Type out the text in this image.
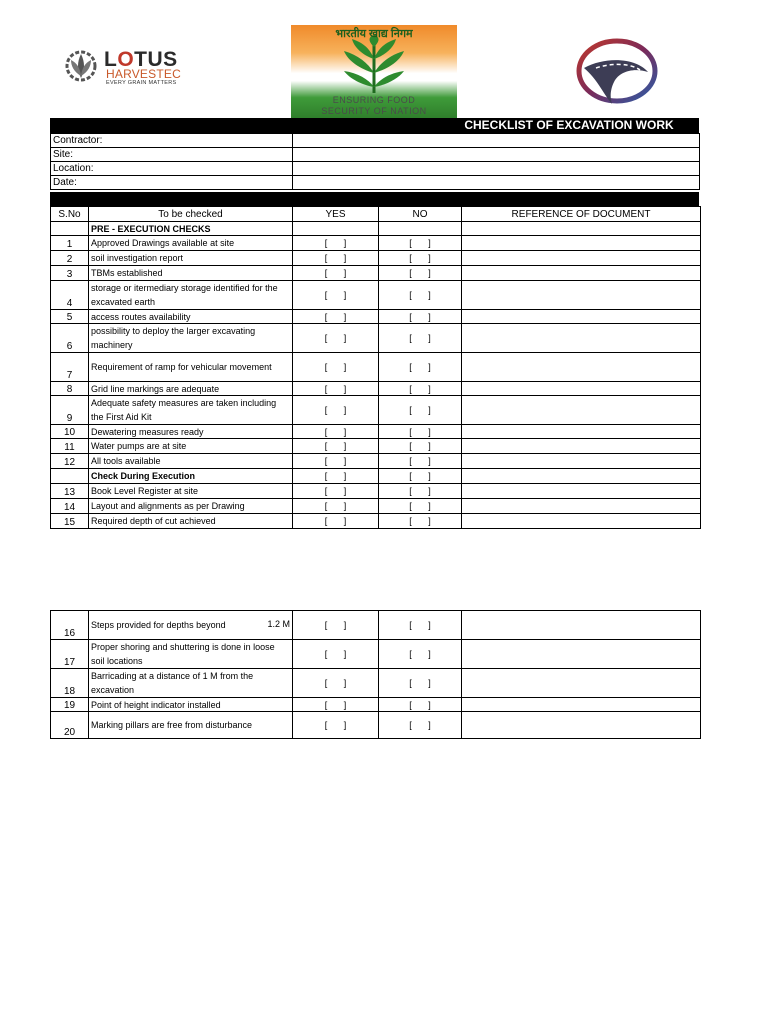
LOTUS
HARVESTEC
EVERY GRAIN MATTERS
भारतीय खाद्य निगम
ENSURING FOOD
SECURITY OF NATION
CHECKLIST OF EXCAVATION WORK
Contractor:	
Site:	
Location:	
Date:	
S.No	To be checked	YES	NO	REFERENCE OF DOCUMENT
	PRE - EXECUTION CHECKS			
1	Approved Drawings available at site	[ ]	[ ]	
2	soil investigation report	[ ]	[ ]	
3	TBMs established	[ ]	[ ]	
4	storage or itermediary storage identified for the excavated earth	[ ]	[ ]	
5	access routes availability	[ ]	[ ]	
6	possibility to deploy the larger excavating machinery	[ ]	[ ]	
7	Requirement of ramp for vehicular movement	[ ]	[ ]	
8	Grid line markings are adequate	[ ]	[ ]	
9	Adequate safety measures are taken including the First Aid Kit	[ ]	[ ]	
10	Dewatering measures ready	[ ]	[ ]	
11	Water pumps are at site	[ ]	[ ]	
12	All tools available	[ ]	[ ]	
	Check During Execution	[ ]	[ ]	
13	Book Level Register at site	[ ]	[ ]	
14	Layout and alignments as per Drawing	[ ]	[ ]	
15	Required depth of cut achieved	[ ]	[ ]	
16	Steps provided for depths beyond 1.2 M	[ ]	[ ]	
17	Proper shoring and shuttering is done in loose soil locations	[ ]	[ ]	
18	Barricading at a distance of 1 M from the excavation	[ ]	[ ]	
19	Point of height indicator installed	[ ]	[ ]	
20	Marking pillars are free from disturbance	[ ]	[ ]	
